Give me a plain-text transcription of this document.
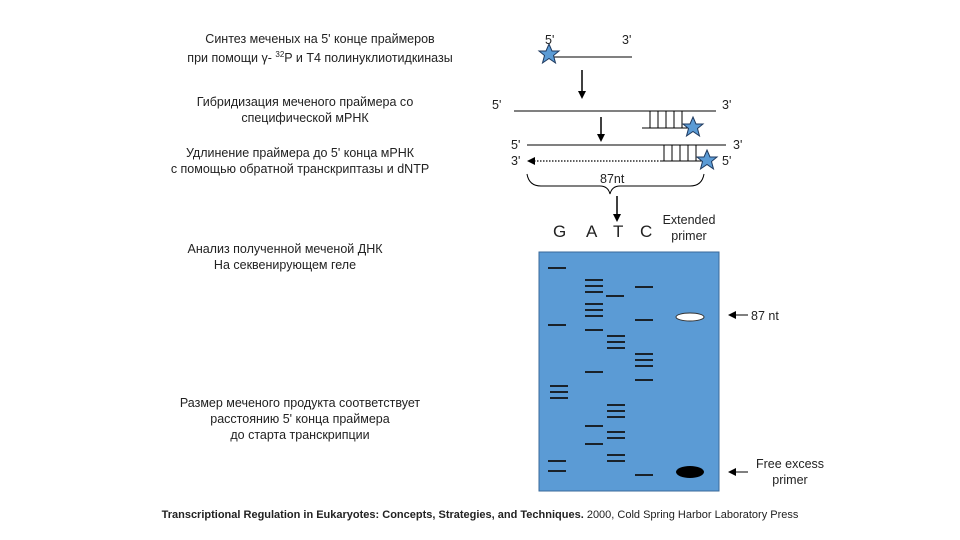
Синтез меченых на 5' конце праймеров
при помощи γ- $^{32}$P и T4 полинуклиотидкиназы
Гибридизация меченого праймера со
специфической мРНК
Удлинение праймера до 5' конца мРНК
с помощью обратной транскриптазы и dNTP
Анализ полученной меченой ДНК
На секвенирующем геле
Размер меченого продукта соответствует
расстоянию 5' конца праймера
до старта транскрипции
5'	3'
5'	3'
5'
3'
3'
5'
87nt
G A T C
Extended
primer
87 nt
Free excess
primer
Transcriptional Regulation in Eukaryotes: Concepts, Strategies, and Techniques. 2000, Cold Spring Harbor Laboratory Press
